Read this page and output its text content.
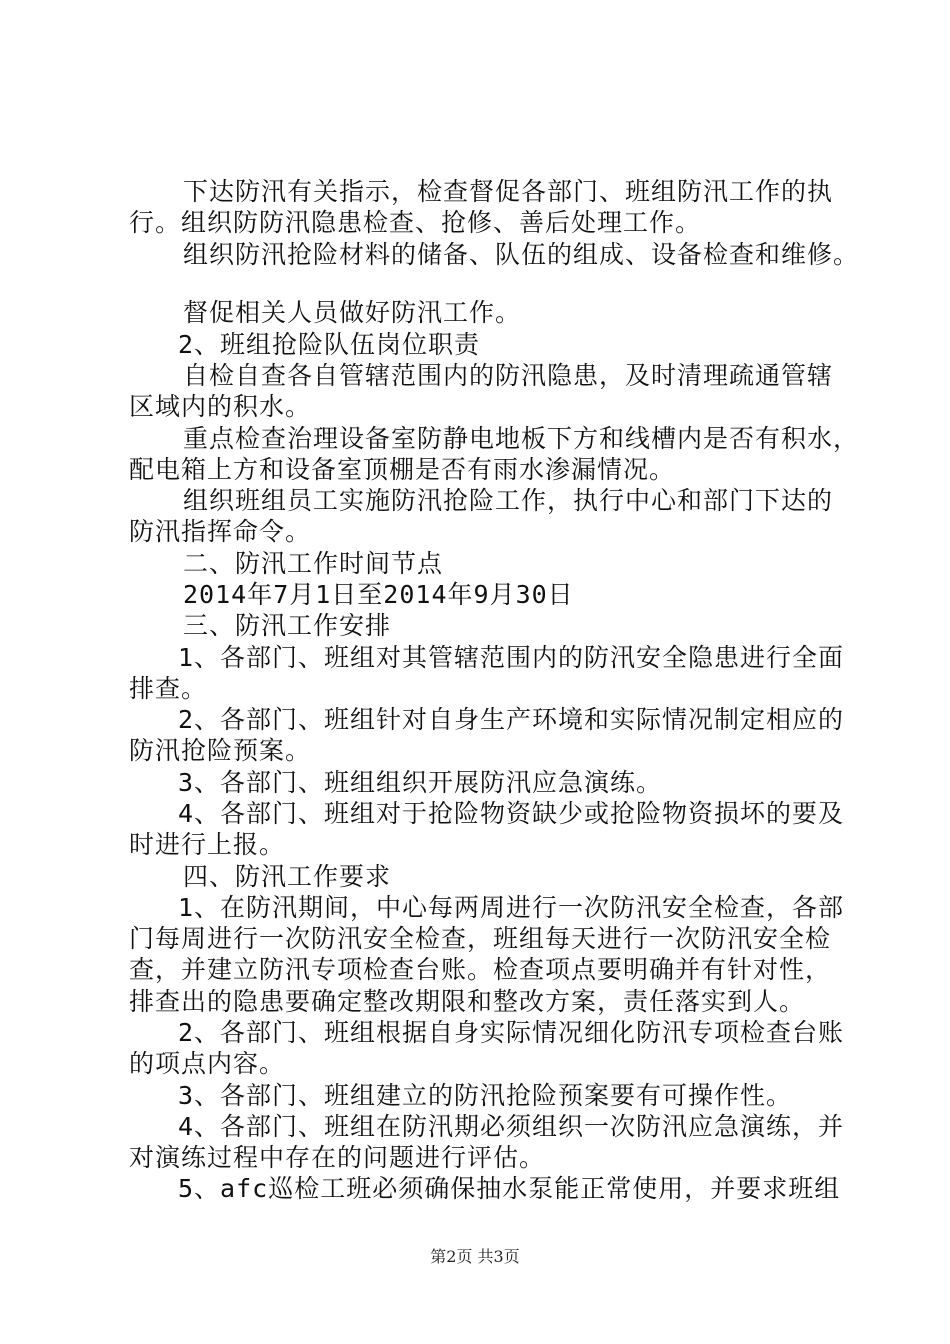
下达防汛有关指示，检查督促各部门、班组防汛工作的执
行。组织防防汛隐患检查、抢修、善后处理工作。
组织防汛抢险材料的储备、队伍的组成、设备检查和维修。
督促相关人员做好防汛工作。
2、班组抢险队伍岗位职责
自检自查各自管辖范围内的防汛隐患，及时清理疏通管辖
区域内的积水。
重点检查治理设备室防静电地板下方和线槽内是否有积水，
配电箱上方和设备室顶棚是否有雨水渗漏情况。
组织班组员工实施防汛抢险工作，执行中心和部门下达的
防汛指挥命令。
二、防汛工作时间节点
2014年7月1日至2014年9月30日
三、防汛工作安排
1、各部门、班组对其管辖范围内的防汛安全隐患进行全面
排查。
2、各部门、班组针对自身生产环境和实际情况制定相应的
防汛抢险预案。
3、各部门、班组组织开展防汛应急演练。
4、各部门、班组对于抢险物资缺少或抢险物资损坏的要及
时进行上报。
四、防汛工作要求
1、在防汛期间，中心每两周进行一次防汛安全检查，各部
门每周进行一次防汛安全检查，班组每天进行一次防汛安全检
查，并建立防汛专项检查台账。检查项点要明确并有针对性，
排查出的隐患要确定整改期限和整改方案，责任落实到人。
2、各部门、班组根据自身实际情况细化防汛专项检查台账
的项点内容。
3、各部门、班组建立的防汛抢险预案要有可操作性。
4、各部门、班组在防汛期必须组织一次防汛应急演练，并
对演练过程中存在的问题进行评估。
5、afc巡检工班必须确保抽水泵能正常使用，并要求班组
第2页 共3页
